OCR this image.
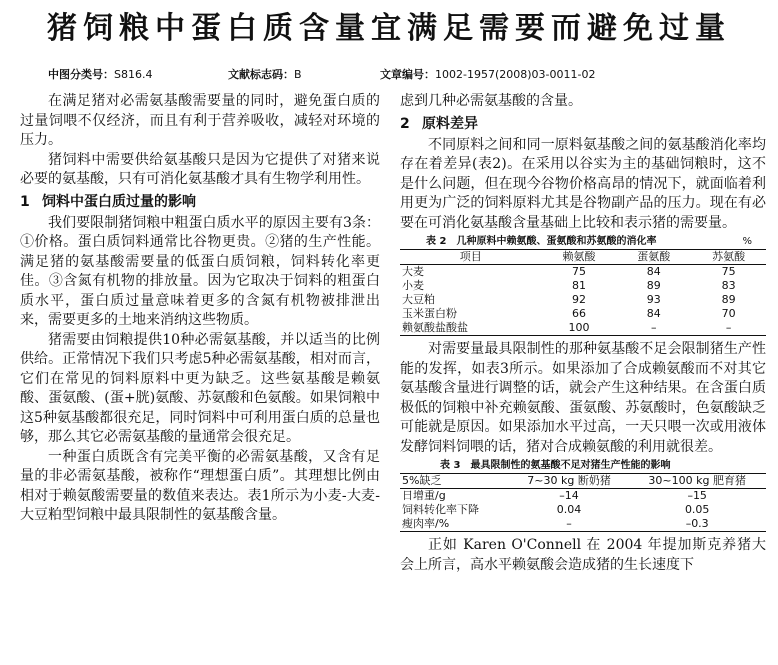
猪饲粮中蛋白质含量宜满足需要而避免过量
中图分类号：S816.4	文献标志码：B	文章编号：1002-1957(2008)03-0011-02

在满足猪对必需氨基酸需要量的同时，避免蛋白质的过量饲喂不仅经济，而且有利于营养吸收，减轻对环境的压力。

猪饲料中需要供给氨基酸只是因为它提供了对猪来说必要的氨基酸，只有可消化氨基酸才具有生物学利用性。

1 饲料中蛋白质过量的影响

我们要限制猪饲粮中粗蛋白质水平的原因主要有3条：①价格。蛋白质饲料通常比谷物更贵。②猪的生产性能。满足猪的氨基酸需要量的低蛋白质饲粮，饲料转化率更佳。③含氮有机物的排放量。因为它取决于饲料的粗蛋白质水平，蛋白质过量意味着更多的含氮有机物被排泄出来，需要更多的土地来消纳这些物质。

猪需要由饲粮提供10种必需氨基酸，并以适当的比例供给。正常情况下我们只考虑5种必需氨基酸，相对而言，它们在常见的饲料原料中更为缺乏。这些氨基酸是赖氨酸、蛋氨酸、(蛋+胱)氨酸、苏氨酸和色氨酸。如果饲粮中这5种氨基酸都很充足，同时饲料中可利用蛋白质的总量也够，那么其它必需氨基酸的量通常会很充足。

一种蛋白质既含有完美平衡的必需氨基酸，又含有足量的非必需氨基酸，被称作“理想蛋白质”。其理想比例由相对于赖氨酸需要量的数值来表达。表1所示为小麦-大麦-大豆粕型饲粮中最具限制性的氨基酸含量。

虑到几种必需氨基酸的含量。

2 原料差异

不同原料之间和同一原料氨基酸之间的氨基酸消化率均存在着差异(表2)。在采用以谷实为主的基础饲粮时，这不是什么问题，但在现今谷物价格高昂的情况下，就面临着利用更为广泛的饲料原料尤其是谷物副产品的压力。现在有必要在可消化氨基酸含量基础上比较和表示猪的需要量。

表 2　几种原料中赖氨酸、蛋氨酸和苏氨酸的消化率	%
项目	赖氨酸	蛋氨酸	苏氨酸
大麦	75	84	75
小麦	81	89	83
大豆粕	92	93	89
玉米蛋白粉	66	84	70
赖氨酸盐酸盐	100	–	–

对需要量最具限制性的那种氨基酸不足会限制猪生产性能的发挥，如表3所示。如果添加了合成赖氨酸而不对其它氨基酸含量进行调整的话，就会产生这种结果。在含蛋白质极低的饲粮中补充赖氨酸、蛋氨酸、苏氨酸时，色氨酸缺乏可能就是原因。如果添加水平过高，一天只喂一次或用液体发酵饲料饲喂的话，猪对合成赖氨酸的利用就很差。

表 3　最具限制性的氨基酸不足对猪生产性能的影响
5%缺乏	7~30 kg 断奶猪	30~100 kg 肥育猪
日增重/g	–14	–15
饲料转化率下降	0.04	0.05
瘦肉率/%	–	–0.3

正如 Karen O'Connell 在 2004 年提加斯克养猪大会上所言，高水平赖氨酸会造成猪的生长速度下
